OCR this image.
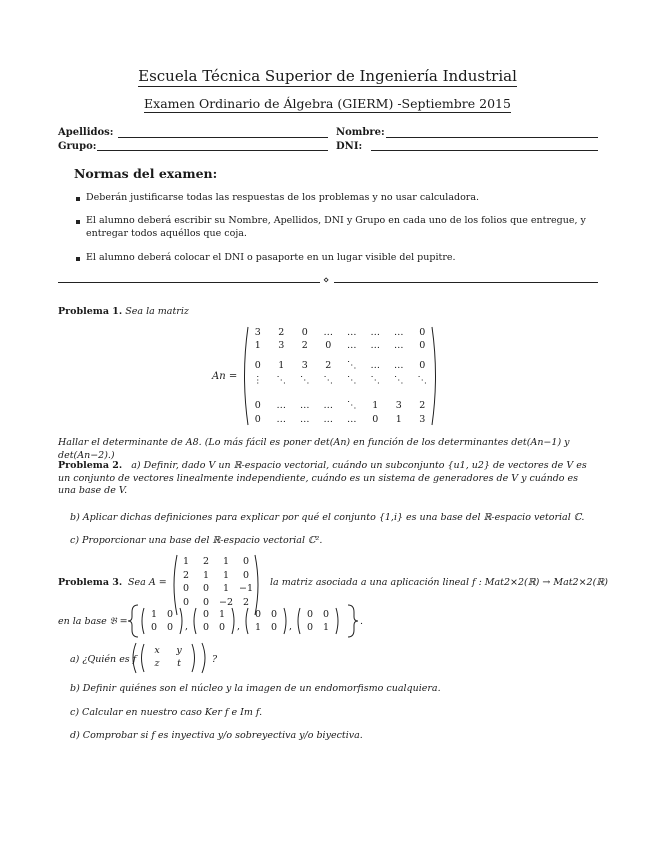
Escuela Técnica Superior de Ingeniería Industrial
Examen Ordinario de Álgebra (GIERM) -Septiembre 2015
Apellidos:	Nombre:
Grupo:	DNI:
Normas del examen:
Deberán justificarse todas las respuestas de los problemas y no usar calculadora.
El alumno deberá escribir su Nombre, Apellidos, DNI y Grupo en cada uno de los folios que entregue, y entregar todos aquéllos que coja.
El alumno deberá colocar el DNI o pasaporte en un lugar visible del pupitre.
⋄
Problema 1. Sea la matriz
An =
3	2	0	…	…	…	…	0
1	3	2	0	…	…	…	0
0	1	3	2	⋱	…	…	0
⋮	⋱	⋱	⋱	⋱	⋱	⋱	⋱
0	…	…	…	⋱	1	3	2
0	…	…	…	…	0	1	3
Hallar el determinante de A8. (Lo más fácil es poner det(An) en función de los determinantes det(An−1) y det(An−2).)
Problema 2. a) Definir, dado V un ℝ-espacio vectorial, cuándo un subconjunto {u1, u2} de vectores de V es un conjunto de vectores linealmente independiente, cuándo es un sistema de generadores de V y cuándo es una base de V.
b) Aplicar dichas definiciones para explicar por qué el conjunto {1,i} es una base del ℝ-espacio vetorial ℂ.
c) Proporcionar una base del ℝ-espacio vectorial ℂ².
Problema 3. Sea A =
1	2	1	0
2	1	1	0
0	0	1	−1
0	0	−2	2
la matriz asociada a una aplicación lineal f : Mat2×2(ℝ) → Mat2×2(ℝ)
en la base 𝔅 =
1	0
0	0	,
0	1
0	0	,
0	0
1	0	,
0	0
0	1
.
a) ¿Quién es f
x	y
z	t	?
b) Definir quiénes son el núcleo y la imagen de un endomorfismo cualquiera.
c) Calcular en nuestro caso Ker f e Im f.
d) Comprobar si f es inyectiva y/o sobreyectiva y/o biyectiva.
